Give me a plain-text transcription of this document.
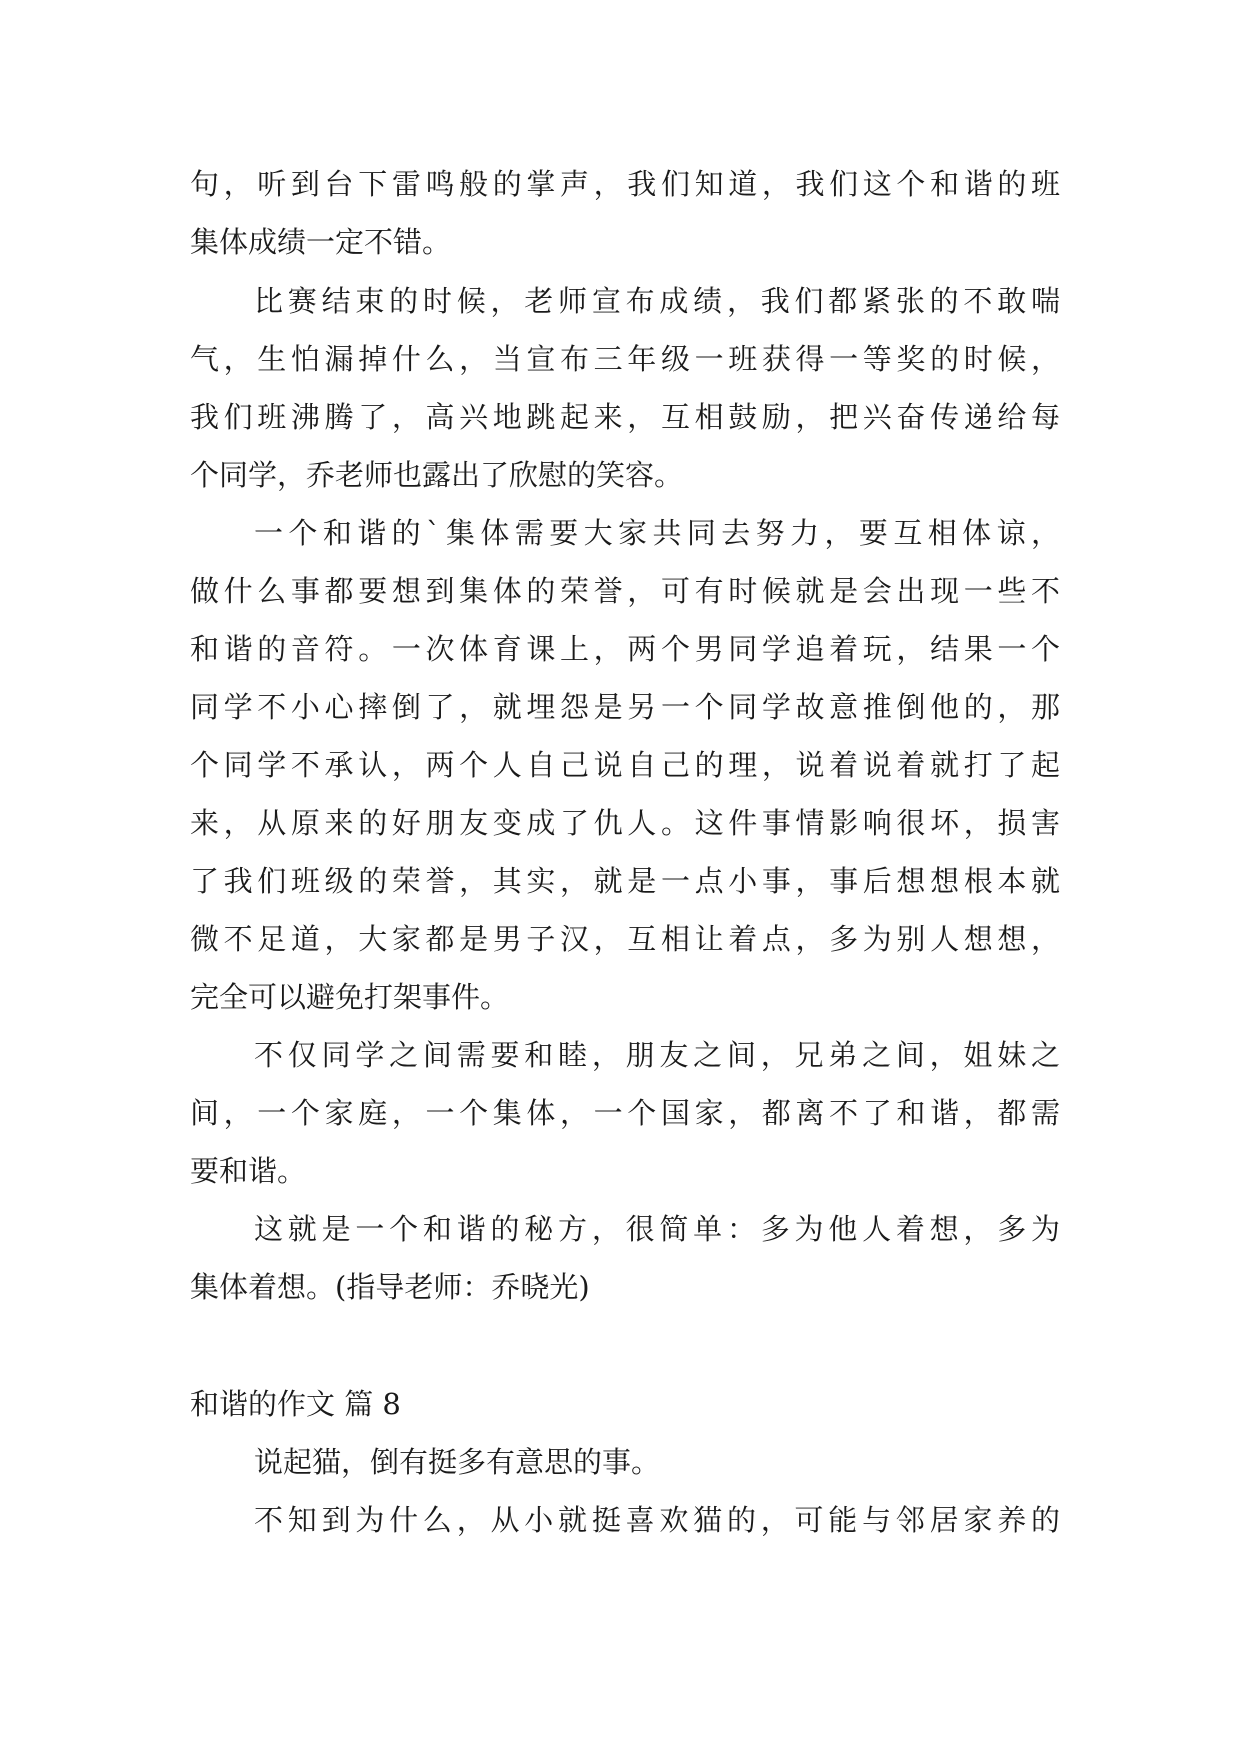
句，听到台下雷鸣般的掌声，我们知道，我们这个和谐的班
集体成绩一定不错。
比赛结束的时候，老师宣布成绩，我们都紧张的不敢喘
气，生怕漏掉什么，当宣布三年级一班获得一等奖的时候，
我们班沸腾了，高兴地跳起来，互相鼓励，把兴奋传递给每
个同学，乔老师也露出了欣慰的笑容。
一个和谐的`集体需要大家共同去努力，要互相体谅，
做什么事都要想到集体的荣誉，可有时候就是会出现一些不
和谐的音符。一次体育课上，两个男同学追着玩，结果一个
同学不小心摔倒了，就埋怨是另一个同学故意推倒他的，那
个同学不承认，两个人自己说自己的理，说着说着就打了起
来，从原来的好朋友变成了仇人。这件事情影响很坏，损害
了我们班级的荣誉，其实，就是一点小事，事后想想根本就
微不足道，大家都是男子汉，互相让着点，多为别人想想，
完全可以避免打架事件。
不仅同学之间需要和睦，朋友之间，兄弟之间，姐妹之
间，一个家庭，一个集体，一个国家，都离不了和谐，都需
要和谐。
这就是一个和谐的秘方，很简单：多为他人着想，多为
集体着想。(指导老师：乔晓光)
和谐的作文 篇 8
说起猫，倒有挺多有意思的事。
不知到为什么，从小就挺喜欢猫的，可能与邻居家养的
